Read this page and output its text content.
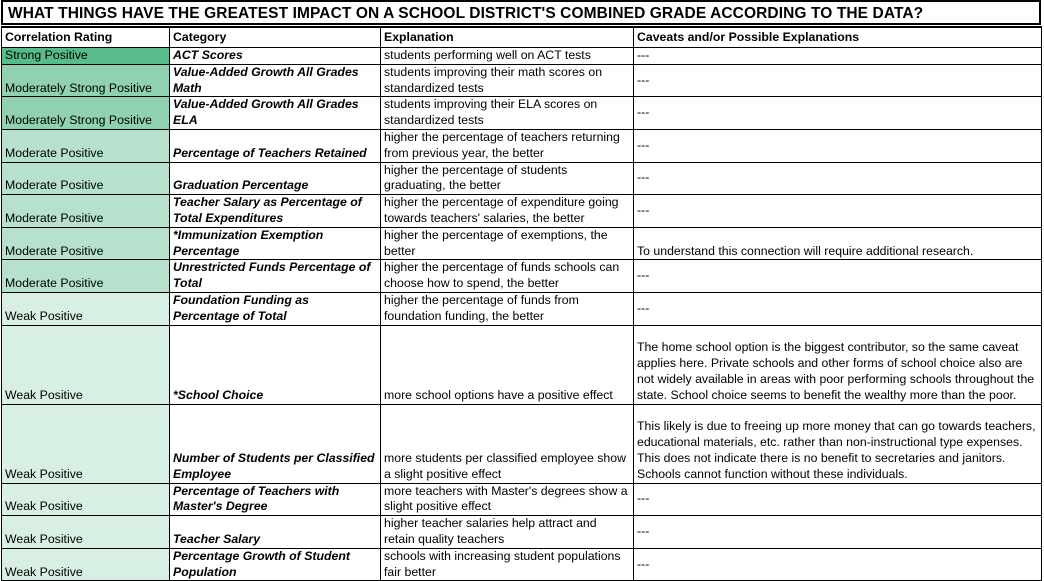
WHAT THINGS HAVE THE GREATEST IMPACT ON A SCHOOL DISTRICT'S COMBINED GRADE ACCORDING TO THE DATA?
Correlation Rating	Category	Explanation	Caveats and/or Possible Explanations
Strong Positive	ACT Scores	students performing well on ACT tests	---
Moderately Strong Positive	Value-Added Growth All Grades Math	students improving their math scores on standardized tests	---
Moderately Strong Positive	Value-Added Growth All Grades ELA	students improving their ELA scores on standardized tests	---
Moderate Positive	Percentage of Teachers Retained	higher the percentage of teachers returning from previous year, the better	---
Moderate Positive	Graduation Percentage	higher the percentage of students graduating, the better	---
Moderate Positive	Teacher Salary as Percentage of Total Expenditures	higher the percentage of expenditure going towards teachers' salaries, the better	---
Moderate Positive	*Immunization Exemption Percentage	higher the percentage of exemptions, the better	To understand this connection will require additional research.
Moderate Positive	Unrestricted Funds Percentage of Total	higher the percentage of funds schools can choose how to spend, the better	---
Weak Positive	Foundation Funding as Percentage of Total	higher the percentage of funds from foundation funding, the better	---
Weak Positive	*School Choice	more school options have a positive effect	The home school option is the biggest contributor, so the same caveat applies here. Private schools and other forms of school choice also are not widely available in areas with poor performing schools throughout the state. School choice seems to benefit the wealthy more than the poor.
Weak Positive	Number of Students per Classified Employee	more students per classified employee show a slight positive effect	This likely is due to freeing up more money that can go towards teachers, educational materials, etc. rather than non-instructional type expenses. This does not indicate there is no benefit to secretaries and janitors. Schools cannot function without these individuals.
Weak Positive	Percentage of Teachers with Master's Degree	more teachers with Master's degrees show a slight positive effect	---
Weak Positive	Teacher Salary	higher teacher salaries help attract and retain quality teachers	---
Weak Positive	Percentage Growth of Student Population	schools with increasing student populations fair better	---
